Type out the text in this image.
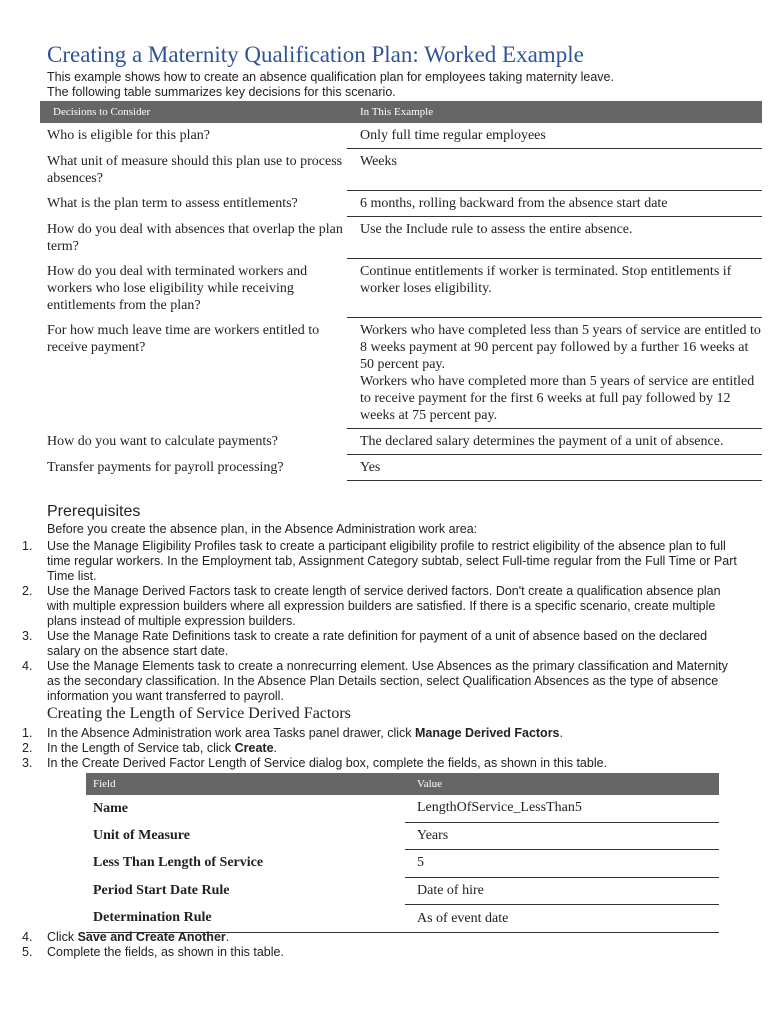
Creating a Maternity Qualification Plan: Worked Example
This example shows how to create an absence qualification plan for employees taking maternity leave.
The following table summarizes key decisions for this scenario.
Decisions to Consider	In This Example
Who is eligible for this plan?	Only full time regular employees
What unit of measure should this plan use to process absences?	Weeks
What is the plan term to assess entitlements?	6 months, rolling backward from the absence start date
How do you deal with absences that overlap the plan term?	Use the Include rule to assess the entire absence.
How do you deal with terminated workers and workers who lose eligibility while receiving entitlements from the plan?	Continue entitlements if worker is terminated. Stop entitlements if worker loses eligibility.
For how much leave time are workers entitled to receive payment?	Workers who have completed less than 5 years of service are entitled to 8 weeks payment at 90 percent pay followed by a further 16 weeks at 50 percent pay.
Workers who have completed more than 5 years of service are entitled to receive payment for the first 6 weeks at full pay followed by 12 weeks at 75 percent pay.

How do you want to calculate payments?	The declared salary determines the payment of a unit of absence.
Transfer payments for payroll processing?	Yes
Prerequisites
Before you create the absence plan, in the Absence Administration work area:
1. Use the Manage Eligibility Profiles task to create a participant eligibility profile to restrict eligibility of the absence plan to full time regular workers. In the Employment tab, Assignment Category subtab, select Full-time regular from the Full Time or Part Time list.
2. Use the Manage Derived Factors task to create length of service derived factors. Don't create a qualification absence plan with multiple expression builders where all expression builders are satisfied. If there is a specific scenario, create multiple plans instead of multiple expression builders.
3. Use the Manage Rate Definitions task to create a rate definition for payment of a unit of absence based on the declared salary on the absence start date.
4. Use the Manage Elements task to create a nonrecurring element. Use Absences as the primary classification and Maternity as the secondary classification. In the Absence Plan Details section, select Qualification Absences as the type of absence information you want transferred to payroll.
Creating the Length of Service Derived Factors
1. In the Absence Administration work area Tasks panel drawer, click Manage Derived Factors.
2. In the Length of Service tab, click Create.
3. In the Create Derived Factor Length of Service dialog box, complete the fields, as shown in this table.
Field	Value
Name	LengthOfService_LessThan5
Unit of Measure	Years
Less Than Length of Service	5
Period Start Date Rule	Date of hire
Determination Rule	As of event date
4. Click Save and Create Another.
5. Complete the fields, as shown in this table.
